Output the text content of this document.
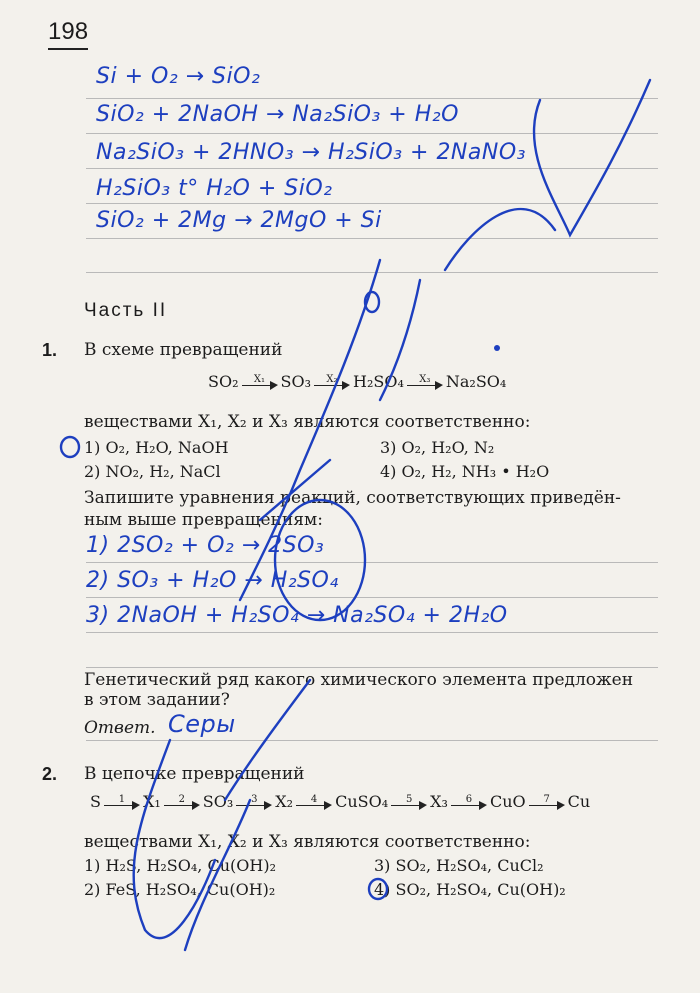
198
Si + O₂ → SiO₂
SiO₂ + 2NaOH → Na₂SiO₃ + H₂O
Na₂SiO₃ + 2HNO₃ → H₂SiO₃ + 2NaNO₃
H₂SiO₃ t° H₂O + SiO₂
SiO₂ + 2Mg → 2MgO + Si
Часть II
1. В схеме превращений
SO₂ X₁ SO₃ X₂ H₂SO₄ X₃ Na₂SO₄
веществами X₁, X₂ и X₃ являются соответственно:
1) O₂, H₂O, NaOH
2) NO₂, H₂, NaCl
3) O₂, H₂O, N₂
4) O₂, H₂, NH₃ • H₂O
Запишите уравнения реакций, соответствующих приведён-
ным выше превращениям:
1) 2SO₂ + O₂ → 2SO₃
2) SO₃ + H₂O → H₂SO₄
3) 2NaOH + H₂SO₄ → Na₂SO₄ + 2H₂O
Генетический ряд какого химического элемента предложен
в этом задании?
Ответ. Серы
2. В цепочке превращений
S 1 X₁ 2 SO₃ 3 X₂ 4 CuSO₄ 5 X₃ 6 CuO 7 Cu
веществами X₁, X₂ и X₃ являются соответственно:
1) H₂S, H₂SO₄, Cu(OH)₂
2) FeS, H₂SO₄, Cu(OH)₂
3) SO₂, H₂SO₄, CuCl₂
4) SO₂, H₂SO₄, Cu(OH)₂
